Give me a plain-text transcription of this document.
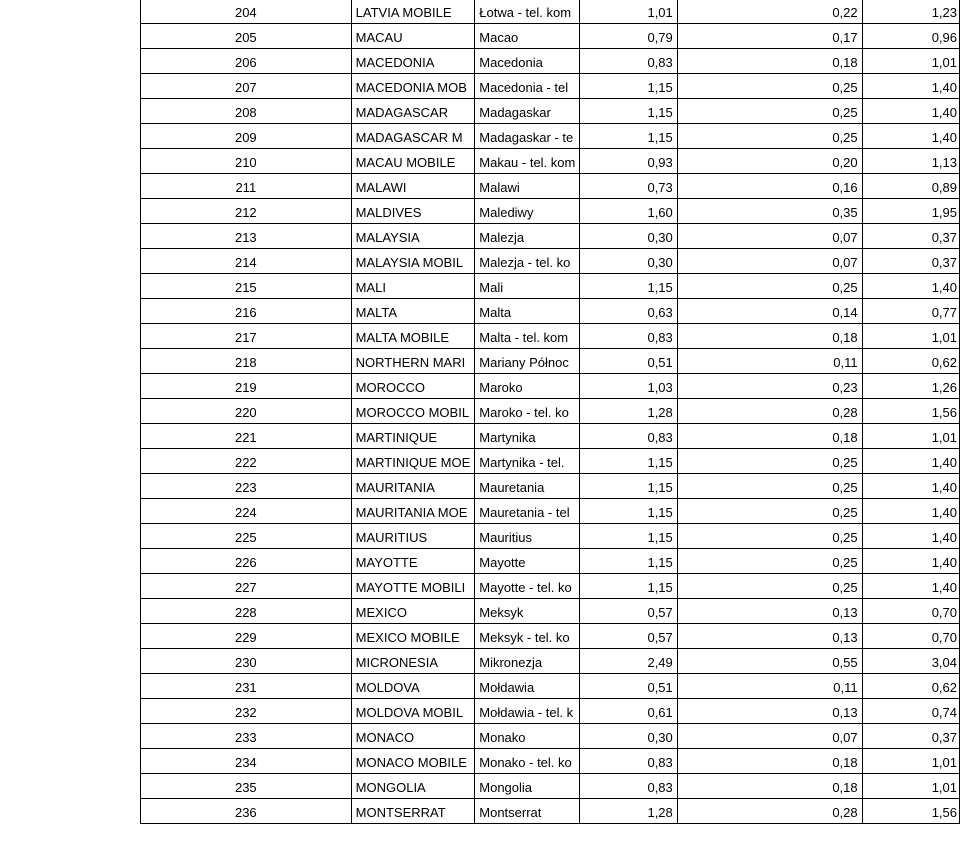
204	LATVIA MOBILE	Łotwa - tel. kom	1,01	0,22	1,23
205	MACAU	Macao	0,79	0,17	0,96
206	MACEDONIA	Macedonia	0,83	0,18	1,01
207	MACEDONIA MOB	Macedonia - tel	1,15	0,25	1,40
208	MADAGASCAR	Madagaskar	1,15	0,25	1,40
209	MADAGASCAR M	Madagaskar - te	1,15	0,25	1,40
210	MACAU MOBILE	Makau - tel. kom	0,93	0,20	1,13
211	MALAWI	Malawi	0,73	0,16	0,89
212	MALDIVES	Malediwy	1,60	0,35	1,95
213	MALAYSIA	Malezja	0,30	0,07	0,37
214	MALAYSIA MOBIL	Malezja - tel. ko	0,30	0,07	0,37
215	MALI	Mali	1,15	0,25	1,40
216	MALTA	Malta	0,63	0,14	0,77
217	MALTA MOBILE	Malta - tel. kom	0,83	0,18	1,01
218	NORTHERN MARI	Mariany Północ	0,51	0,11	0,62
219	MOROCCO	Maroko	1,03	0,23	1,26
220	MOROCCO MOBIL	Maroko - tel. ko	1,28	0,28	1,56
221	MARTINIQUE	Martynika	0,83	0,18	1,01
222	MARTINIQUE MOE	Martynika - tel.	1,15	0,25	1,40
223	MAURITANIA	Mauretania	1,15	0,25	1,40
224	MAURITANIA MOE	Mauretania - tel	1,15	0,25	1,40
225	MAURITIUS	Mauritius	1,15	0,25	1,40
226	MAYOTTE	Mayotte	1,15	0,25	1,40
227	MAYOTTE MOBILI	Mayotte - tel. ko	1,15	0,25	1,40
228	MEXICO	Meksyk	0,57	0,13	0,70
229	MEXICO MOBILE	Meksyk - tel. ko	0,57	0,13	0,70
230	MICRONESIA	Mikronezja	2,49	0,55	3,04
231	MOLDOVA	Mołdawia	0,51	0,11	0,62
232	MOLDOVA MOBIL	Mołdawia - tel. k	0,61	0,13	0,74
233	MONACO	Monako	0,30	0,07	0,37
234	MONACO MOBILE	Monako - tel. ko	0,83	0,18	1,01
235	MONGOLIA	Mongolia	0,83	0,18	1,01
236	MONTSERRAT	Montserrat	1,28	0,28	1,56
